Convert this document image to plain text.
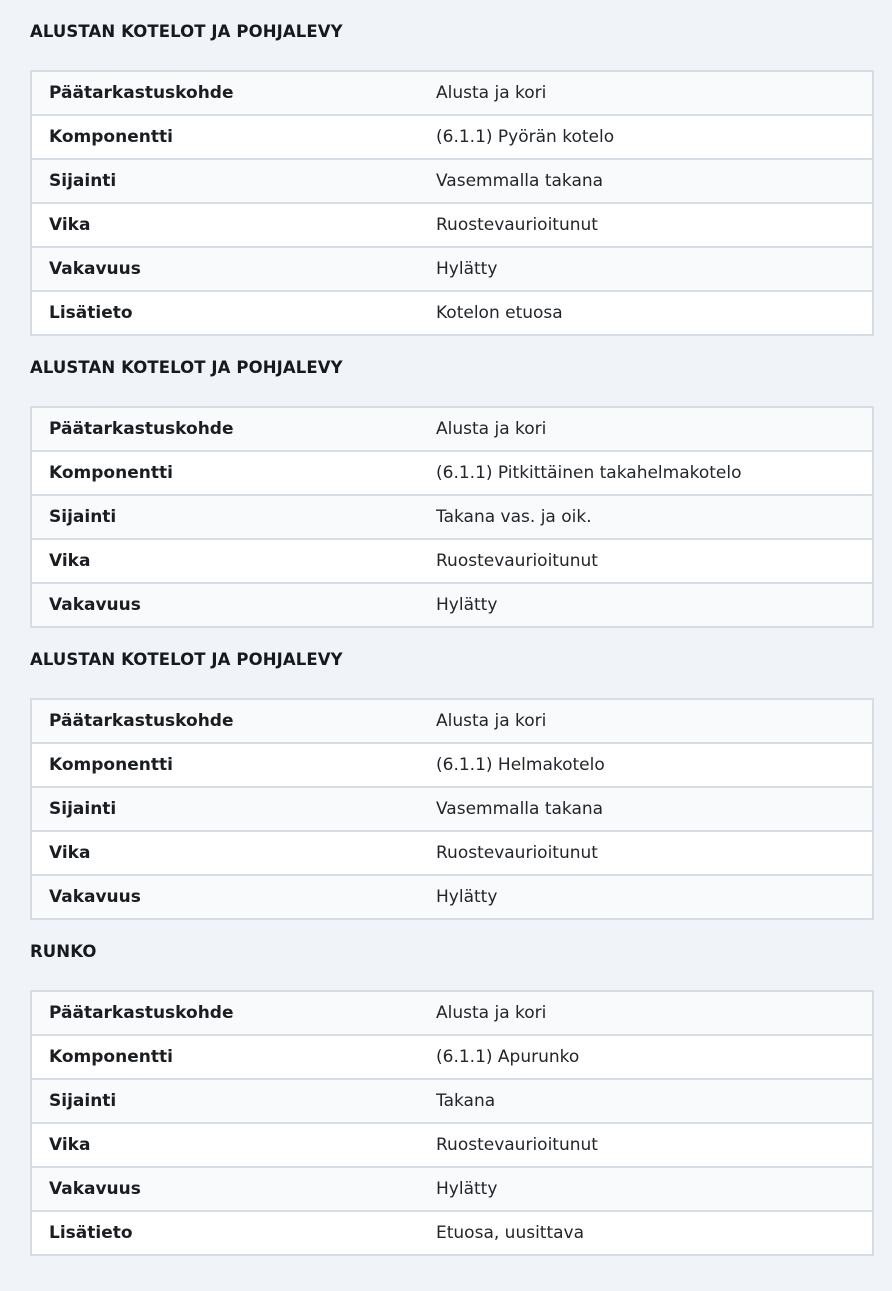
ALUSTAN KOTELOT JA POHJALEVY
Päätarkastuskohde	Alusta ja kori
Komponentti	(6.1.1) Pyörän kotelo
Sijainti	Vasemmalla takana
Vika	Ruostevaurioitunut
Vakavuus	Hylätty
Lisätieto	Kotelon etuosa
ALUSTAN KOTELOT JA POHJALEVY
Päätarkastuskohde	Alusta ja kori
Komponentti	(6.1.1) Pitkittäinen takahelmakotelo
Sijainti	Takana vas. ja oik.
Vika	Ruostevaurioitunut
Vakavuus	Hylätty
ALUSTAN KOTELOT JA POHJALEVY
Päätarkastuskohde	Alusta ja kori
Komponentti	(6.1.1) Helmakotelo
Sijainti	Vasemmalla takana
Vika	Ruostevaurioitunut
Vakavuus	Hylätty
RUNKO
Päätarkastuskohde	Alusta ja kori
Komponentti	(6.1.1) Apurunko
Sijainti	Takana
Vika	Ruostevaurioitunut
Vakavuus	Hylätty
Lisätieto	Etuosa, uusittava
